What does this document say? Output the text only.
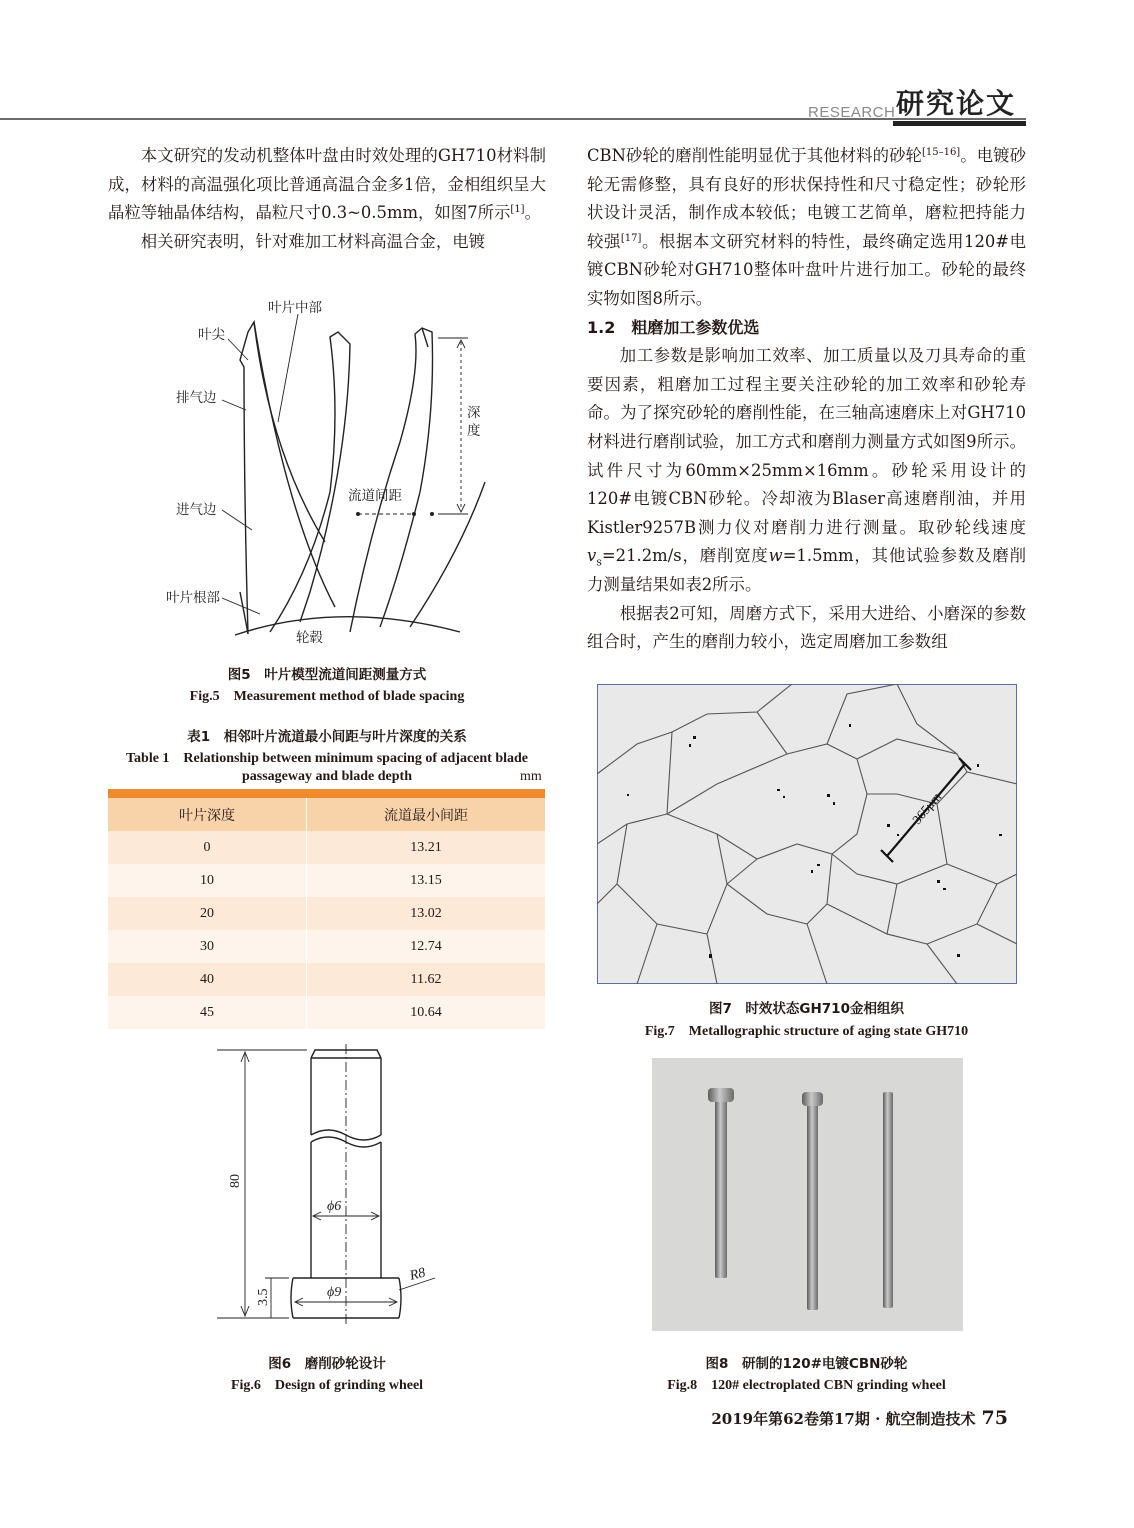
RESEARCH 研究论文

本文研究的发动机整体叶盘由时效处理的GH710材料制成，材料的高温强化项比普通高温合金多1倍，金相组织呈大晶粒等轴晶体结构，晶粒尺寸0.3~0.5mm，如图7所示[1]。

相关研究表明，针对难加工材料高温合金，电镀

CBN砂轮的磨削性能明显优于其他材料的砂轮[15–16]。电镀砂轮无需修整，具有良好的形状保持性和尺寸稳定性；砂轮形状设计灵活，制作成本较低；电镀工艺简单，磨粒把持能力较强[17]。根据本文研究材料的特性，最终确定选用120#电镀CBN砂轮对GH710整体叶盘叶片进行加工。砂轮的最终实物如图8所示。

1.2　粗磨加工参数优选

加工参数是影响加工效率、加工质量以及刀具寿命的重要因素，粗磨加工过程主要关注砂轮的加工效率和砂轮寿命。为了探究砂轮的磨削性能，在三轴高速磨床上对GH710材料进行磨削试验，加工方式和磨削力测量方式如图9所示。试件尺寸为60mm×25mm×16mm。砂轮采用设计的120#电镀CBN砂轮。冷却液为Blaser高速磨削油，并用Kistler9257B测力仪对磨削力进行测量。取砂轮线速度$v_s=21.2m/s$，磨削宽度w=1.5mm，其他试验参数及磨削力测量结果如表2所示。

根据表2可知，周磨方式下，采用大进给、小磨深的参数组合时，产生的磨削力较小，选定周磨加工参数组

叶片中部
叶尖
排气边
深
度
流道间距
进气边
叶片根部
轮毂
图5　叶片模型流道间距测量方式
Fig.5　Measurement method of blade spacing
表1　相邻叶片流道最小间距与叶片深度的关系
Table 1　Relationship between minimum spacing of adjacent blade
passageway and blade depth	mm
叶片深度	流道最小间距
0	13.21
10	13.15
20	13.02
30	12.74
40	11.62
45	10.64
80
3.5
ϕ6
ϕ9
R8
图6　磨削砂轮设计
Fig.6　Design of grinding wheel
365μm
图7　时效状态GH710金相组织
Fig.7　Metallographic structure of aging state GH710
图8　研制的120#电镀CBN砂轮
Fig.8　120# electroplated CBN grinding wheel
2019年第62卷第17期 · 航空制造技术 75
